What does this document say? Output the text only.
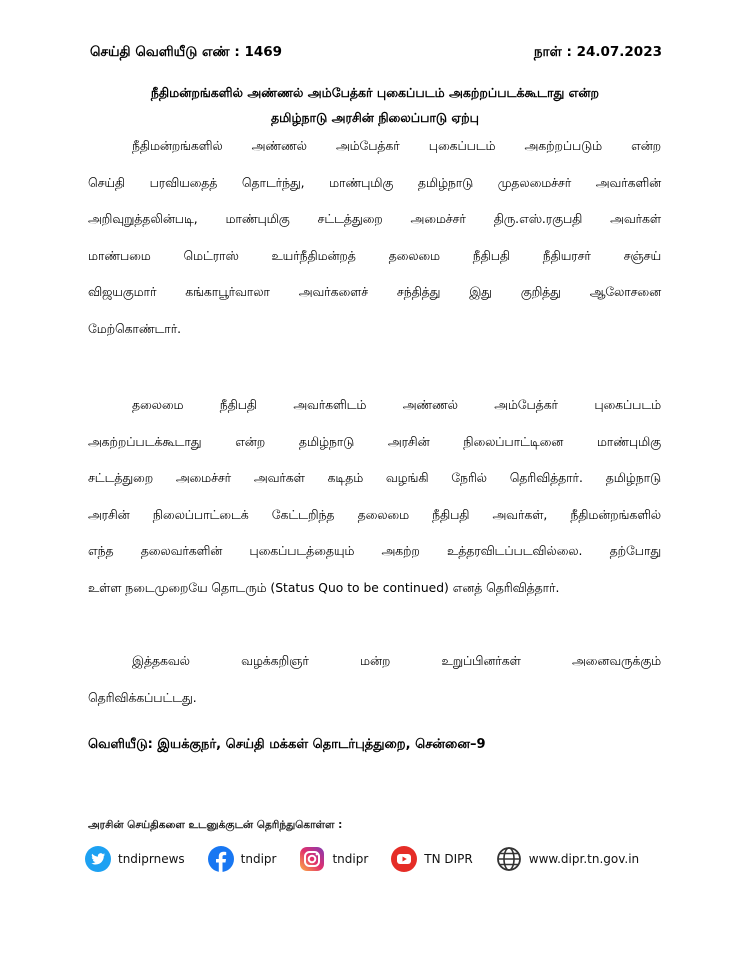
செய்தி வெளியீடு எண் : 1469	நாள் : 24.07.2023
நீதிமன்றங்களில் அண்ணல் அம்பேத்கர் புகைப்படம் அகற்றப்படக்கூடாது என்ற
தமிழ்நாடு அரசின் நிலைப்பாடு ஏற்பு
நீதிமன்றங்களில் அண்ணல் அம்பேத்கர் புகைப்படம் அகற்றப்படும் என்ற
செய்தி பரவியதைத் தொடர்ந்து, மாண்புமிகு தமிழ்நாடு முதலமைச்சர் அவர்களின்
அறிவுறுத்தலின்படி, மாண்புமிகு சட்டத்துறை அமைச்சர் திரு.எஸ்.ரகுபதி அவர்கள்
மாண்பமை மெட்ராஸ் உயர்நீதிமன்றத் தலைமை நீதிபதி நீதியரசர் சஞ்சய்
விஜயகுமார் கங்காபூர்வாலா அவர்களைச் சந்தித்து இது குறித்து ஆலோசனை
மேற்கொண்டார்.
தலைமை நீதிபதி அவர்களிடம் அண்ணல் அம்பேத்கர் புகைப்படம்
அகற்றப்படக்கூடாது என்ற தமிழ்நாடு அரசின் நிலைப்பாட்டினை மாண்புமிகு
சட்டத்துறை அமைச்சர் அவர்கள் கடிதம் வழங்கி நேரில் தெரிவித்தார். தமிழ்நாடு
அரசின் நிலைப்பாட்டைக் கேட்டறிந்த தலைமை நீதிபதி அவர்கள், நீதிமன்றங்களில்
எந்த தலைவர்களின் புகைப்படத்தையும் அகற்ற உத்தரவிடப்படவில்லை. தற்போது
உள்ள நடைமுறையே தொடரும் (Status Quo to be continued) எனத் தெரிவித்தார்.
இத்தகவல் வழக்கறிஞர் மன்ற உறுப்பினர்கள் அனைவருக்கும்
தெரிவிக்கப்பட்டது.
வெளியீடு: இயக்குநர், செய்தி மக்கள் தொடர்புத்துறை, சென்னை–9
அரசின் செய்திகளை உடனுக்குடன் தெரிந்துகொள்ள :
tndiprnews	tndipr	tndipr	TN DIPR	www.dipr.tn.gov.in
